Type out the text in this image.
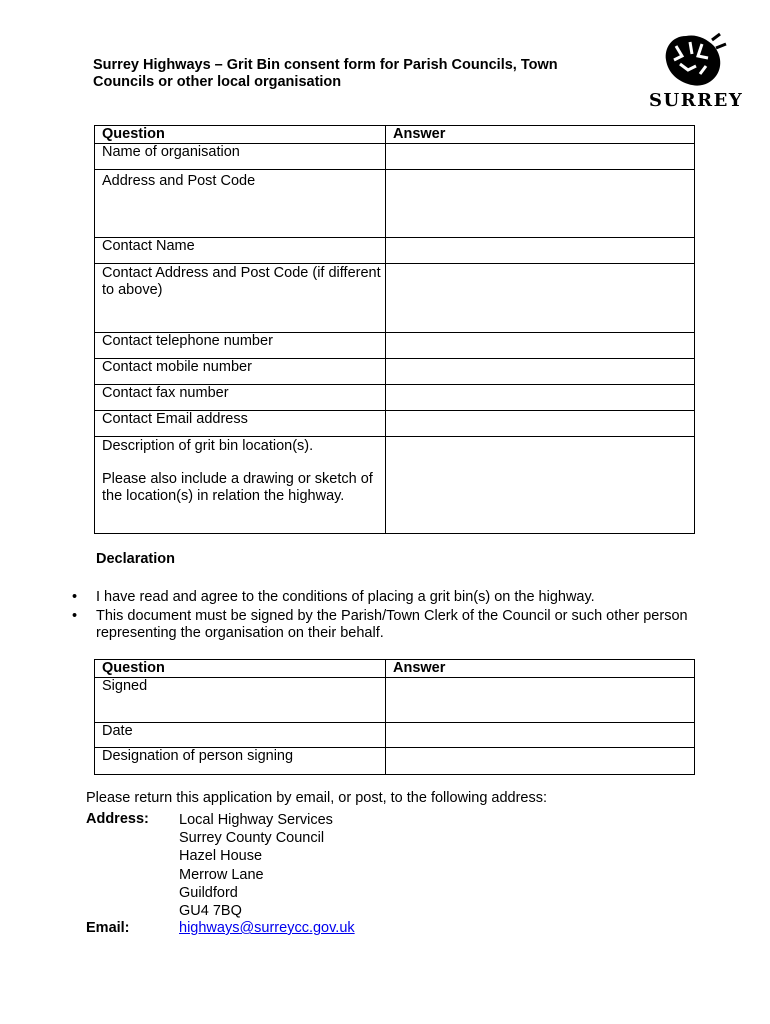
Surrey Highways – Grit Bin consent form for Parish Councils, Town Councils or other local organisation
SURREY
Question	Answer
Name of organisation	
Address and Post Code	
Contact Name	
Contact Address and Post Code (if different to above)	
Contact telephone number	
Contact mobile number	
Contact fax number	
Contact Email address	

Description of grit bin location(s).
Please also include a drawing or sketch of the location(s) in relation the highway.	

Declaration
• I have read and agree to the conditions of placing a grit bin(s) on the highway.
• This document must be signed by the Parish/Town Clerk of the Council or such other person representing the organisation on their behalf.
Question	Answer
Signed	
Date	
Designation of person signing	
Please return this application by email, or post, to the following address:
Address: Local Highway Services
Surrey County Council
Hazel House
Merrow Lane
Guildford
GU4 7BQ
Email:	highways@surreycc.gov.uk
